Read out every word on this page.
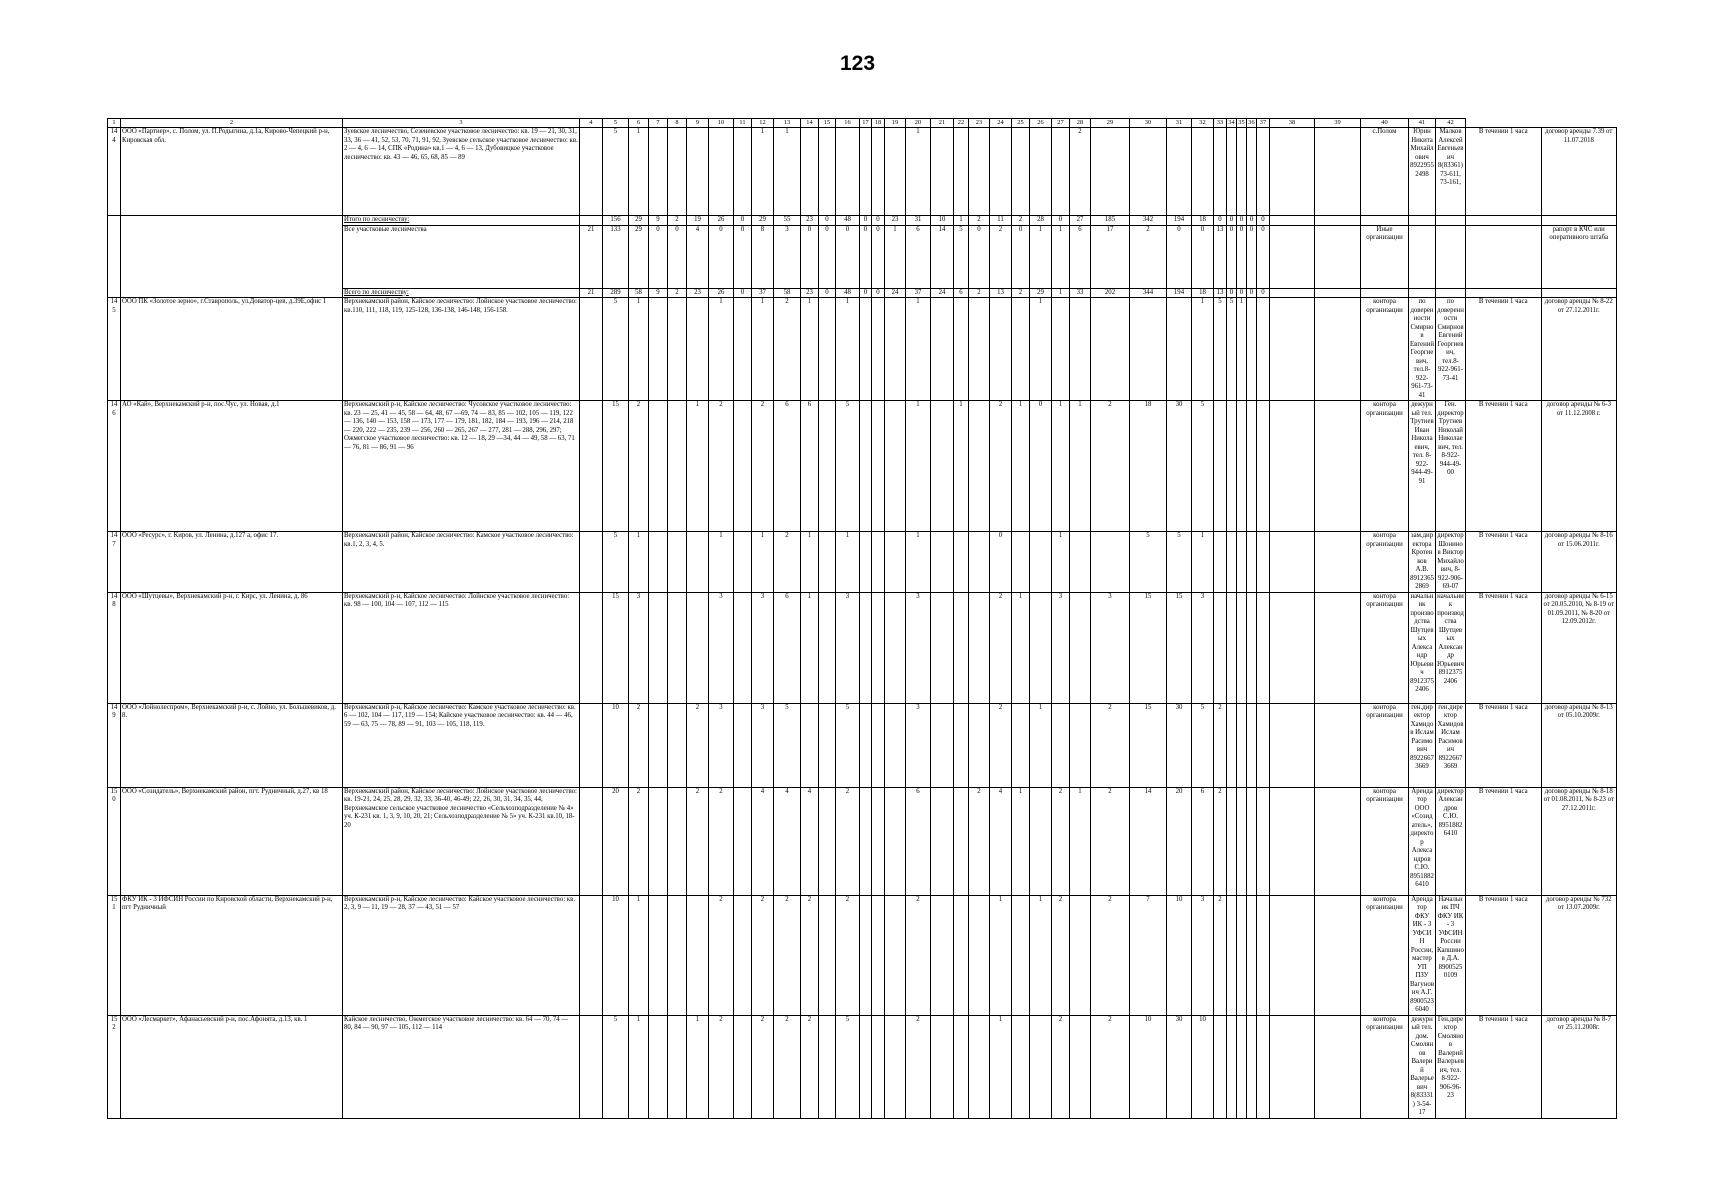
123
1	2	3	4	5	6	7	8	9	10	11	12	13	14	15	16	17	18	19	20	21	22	23	24	25	26	27	28	29	30	31	32	33	34	35	36	37	38	39	40	41	42		
144	ООО «Партнер», с. Полом, ул. П.Родыгина, д.1а, Кирово-Чепецкий р-н, Кировская обл.	Зуевское лесничество, Сезеневское участковое лесничество: кв. 19 — 21, 30, 31, 33, 36 — 41, 52, 53, 70, 71, 91, 92, Зуевское сельское участковое лесничество: кв. 2 — 4, 6 — 14, СПК «Родина» кв.1 — 4, 6 — 13, Дубовицкое участковое лесничество: кв. 43 — 46, 65, 68, 85 — 89		5	1						1	1							1								2												с.Полом	Юрин Никита Михайлович 89229552498	Малков Алексей Евгеньевич 8(83361) 73-611, 73-161,	В течении 1 часа	договор аренды 7.39 от 11.07.2018
		Итого по лесничеству:		156	29	9	2	19	26	0	29	55	23	0	48	0	0	23	31	10	1	2	11	2	28	0	27	185	342	194	18	0	0	0	0	0							
		Все участковые лесничества	21	133	29	0	0	4	0	0	8	3	0	0	0	0	0	1	6	14	5	0	2	0	1	1	6	17	2	0	0	13	0	0	0	0			Иные организации				рапорт в КЧС или оперативного штаба
		Всего по лесничеству:	21	289	58	9	2	23	26	0	37	58	23	0	48	0	0	24	37	24	6	2	13	2	29	1	33	202	344	194	18	13	0	0	0	0							
145	ООО ПК «Золотое зерно», г.Ставрополь, ул.Доватор-цев, д.39Е,офис 1	Верхнекамский район, Кайское лесничество: Лойнское участковое лесничество: кв.110, 111, 118, 119, 125-128, 136-138, 146-148, 156-158.		5	1				1		1	2	1		1				1						1						1	5	5	1					контора организации	по доверенности Смирнов Евгений Георгиевич, тел.8-922-961-73-41	по доверенности Смирнов Евгений Георгиевич, тел.8-922-961-73-41	В течении 1 часа	договор аренды № 8-22 от 27.12.2011г.
146	АО «Кай», Верхнекамский р-н, пос.Чус, ул. Новая, д.1	Верхнекамский р-н, Кайское лесничество: Чусовское участковое лесничество: кв. 23 — 25, 41 — 45, 58 — 64, 48, 67 —69, 74 — 83, 85 — 102, 105 — 119, 122 — 136, 140 — 153, 158 — 173, 177 — 179, 181, 182, 184 — 193, 196 — 214, 218 — 220, 222 — 235, 239 — 256, 260 — 265, 267 — 277, 281 — 288, 296, 297; Ожмегское участковое лесничество: кв. 12 — 18, 29 —34, 44 — 49, 58 — 63, 71 — 76, 81 — 86, 91 — 96		15	2			1	2		2	6	6		5				1		1		2	1	0	1	1	2	18	30	5								контора организации	дежурный тел. Трутнев Иван Николаевич, тел. 8-922-944-49-91	Ген. директор Трутнев Николай Николаевич, тел. 8-922-944-49-00	В течении 1 часа	договор аренды № 6-3 от 11.12.2008 г.
147	ООО «Ресурс», г. Киров, ул. Ленина, д.127 а, офис 17.	Верхнекамский район, Кайское лесничество: Камское участковое лесничество: кв.1, 2, 3, 4, 5.		5	1				1		1	2	1		1				1				0			1			5	5	1								контора организации	зам.директора Кротенков А.В. 89123652869	директор Шонинов Виктор Михайлович, 8-922-906-69-07	В течении 1 часа	договор аренды № 8-16 от 15.06.2011г.
148	ООО «Шутцевы», Верхнекамский р-н, г. Кирс, ул. Ленина, д. 86	Верхнекамский р-н, Кайское лесничество: Лойнское участковое лесничество: кв. 98 — 100, 104 — 107, 112 — 115		15	3				3		3	6	1		3				3				2	1		3		3	15	15	3								контора организации	начальник производства Шутцевых Александр Юрьевич 89123752406	начальник производства Шутцевых Александр Юрьевич 89123752406	В течении 1 часа	договор аренды № 6-15 от 20.05.2010, № 8-19 от 01.09.2011, № 8-20 от 12.09.2012г.
149	ООО «Лойнолеспром», Верхнекамский р-н, с. Лойно, ул. Большевиков, д. 8.	Верхнекамский р-н, Кайское лесничество: Камское участковое лесничество: кв. 6 — 102, 104 — 117, 119 — 154; Кайское участковое лесничество: кв. 44 — 46, 59 — 63, 75 — 78, 89 — 91, 103 — 105, 118, 119.		10	2			2	3		3	5			5				3				2		1			2	15	30	5	2							контора организации	ген.директор Хамидов Ислам Расимович 89226673669	ген.директор Хамидов Ислам Расимович 89226673669	В течении 1 часа	договор аренды № 8-13 от 05.10.2009г.
150	ООО «Созидатель», Верхнекамский район, пгт. Рудничный, д.27, кв 18	Верхнекамский район, Кайское лесничество: Лойнское участковое лесничество: кв. 19-21, 24, 25, 28, 29, 32, 33, 36-40, 46-49; 22, 26, 30, 31, 34, 35, 44, Верхнекамское сельское участковое лесничество «Сельхозподразделение № 4» уч. К-231 кв. 1, 3, 9, 10, 20, 21; Сельхозподразделение № 5» уч. К-231 кв.10, 18-20		20	2			2	2		4	4	4		2				6			2	4	1		2	1	2	14	20	6	2							контора организации	Арендатор ООО «Созидатель», директор Александров С.Ю. 89518826410	директор Александров С.Ю. 89518826410	В течении 1 часа	договор аренды № 8-18 от 01.08.2011, № 8-23 от 27.12.2011г.
151	ФКУ ИК - 3 ИФСИН России по Кировской области, Верхнекамский р-н, пгт Рудничный	Верхнекамский р-н, Кайское лесничество: Кайское участковое лесничество: кв. 2, 3, 9 — 11, 19 — 28, 37 — 43, 51 — 57		10	1				2		2	2	2		2				2				1		1	2		2	7	10	3	2							контора организации	Арендатор ФКУ ИК - 3 УФСИН России, мастер УП ПЗУ Вагунович А.Г. 89005236040	Начальник ПЧ ФКУ ИК - 3 УФСИН России Капшинов Д.А. 89005250109	В течении 1 часа	договор аренды № 732 от 13.07.2009г.
152	ООО «Лесмаркет», Афанасьевский р-н, пос.Афонята, д.13, кв. 1	Кайское лесничество, Ожмегское участковое лесничество: кв. 64 — 70, 74 — 80, 84 — 90, 97 — 105, 112 — 114		5	1			1	2		2	2	2		5				2				1			2		2	10	30	10								контора организации	дежурный тел. дом. Смолянов Валерий Валерьевич 8(83331) 3-54-17	Ген.директор Смолянов Валерий Валерьевич, тел. 8-922-906-96-23	В течении 1 часа	договор аренды № 8-7 от 25.11.2008г.
